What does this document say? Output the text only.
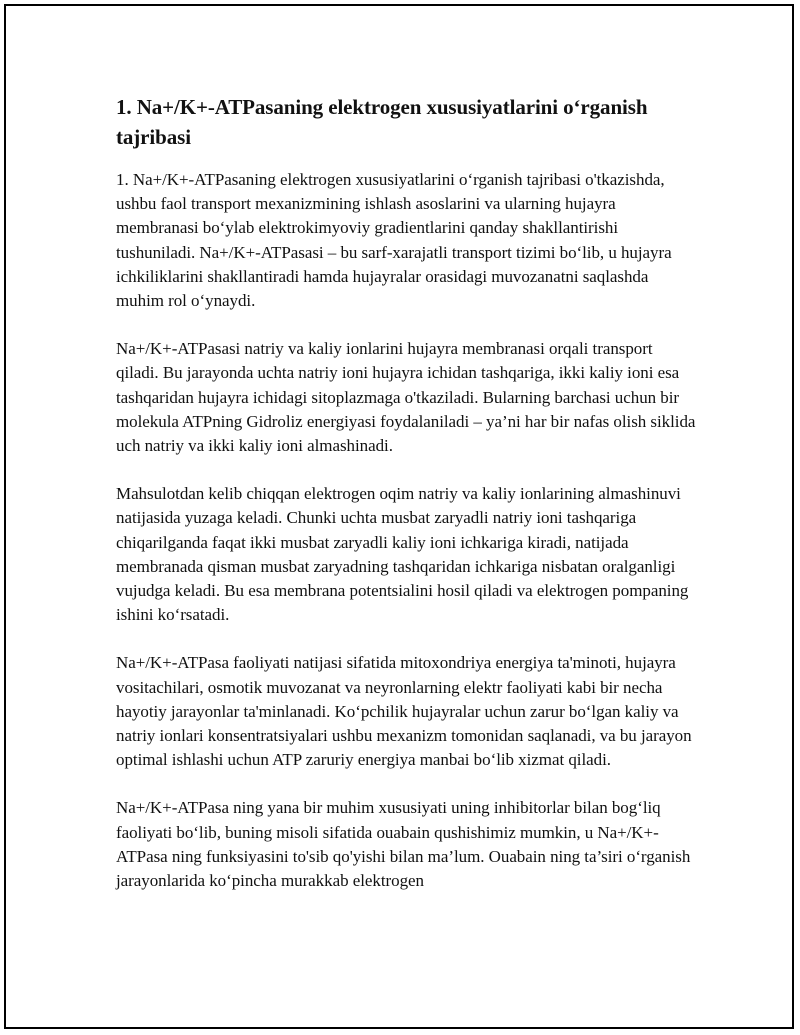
1. Na+/K+-ATPasaning elektrogen xususiyatlarini o‘rganish tajribasi

1. Na+/K+-ATPasaning elektrogen xususiyatlarini o‘rganish tajribasi o'tkazishda, ushbu faol transport mexanizmining ishlash asoslarini va ularning hujayra membranasi bo‘ylab elektrokimyoviy gradientlarini qanday shakllantirishi tushuniladi. Na+/K+-ATPasasi – bu sarf-xarajatli transport tizimi bo‘lib, u hujayra ichkiliklarini shakllantiradi hamda hujayralar orasidagi muvozanatni saqlashda muhim rol o‘ynaydi.

Na+/K+-ATPasasi natriy va kaliy ionlarini hujayra membranasi orqali transport qiladi. Bu jarayonda uchta natriy ioni hujayra ichidan tashqariga, ikki kaliy ioni esa tashqaridan hujayra ichidagi sitoplazmaga o'tkaziladi. Bularning barchasi uchun bir molekula ATPning Gidroliz energiyasi foydalaniladi – ya’ni har bir nafas olish siklida uch natriy va ikki kaliy ioni almashinadi.

Mahsulotdan kelib chiqqan elektrogen oqim natriy va kaliy ionlarining almashinuvi natijasida yuzaga keladi. Chunki uchta musbat zaryadli natriy ioni tashqariga chiqarilganda faqat ikki musbat zaryadli kaliy ioni ichkariga kiradi, natijada membranada qisman musbat zaryadning tashqaridan ichkariga nisbatan oralganligi vujudga keladi. Bu esa membrana potentsialini hosil qiladi va elektrogen pompaning ishini ko‘rsatadi.

Na+/K+-ATPasa faoliyati natijasi sifatida mitoxondriya energiya ta'minoti, hujayra vositachilari, osmotik muvozanat va neyronlarning elektr faoliyati kabi bir necha hayotiy jarayonlar ta'minlanadi. Ko‘pchilik hujayralar uchun zarur bo‘lgan kaliy va natriy ionlari konsentratsiyalari ushbu mexanizm tomonidan saqlanadi, va bu jarayon optimal ishlashi uchun ATP zaruriy energiya manbai bo‘lib xizmat qiladi.

Na+/K+-ATPasa ning yana bir muhim xususiyati uning inhibitorlar bilan bog‘liq faoliyati bo‘lib, buning misoli sifatida ouabain qushishimiz mumkin, u Na+/K+-ATPasa ning funksiyasini to'sib qo'yishi bilan ma’lum. Ouabain ning ta’siri o‘rganish jarayonlarida ko‘pincha murakkab elektrogen
